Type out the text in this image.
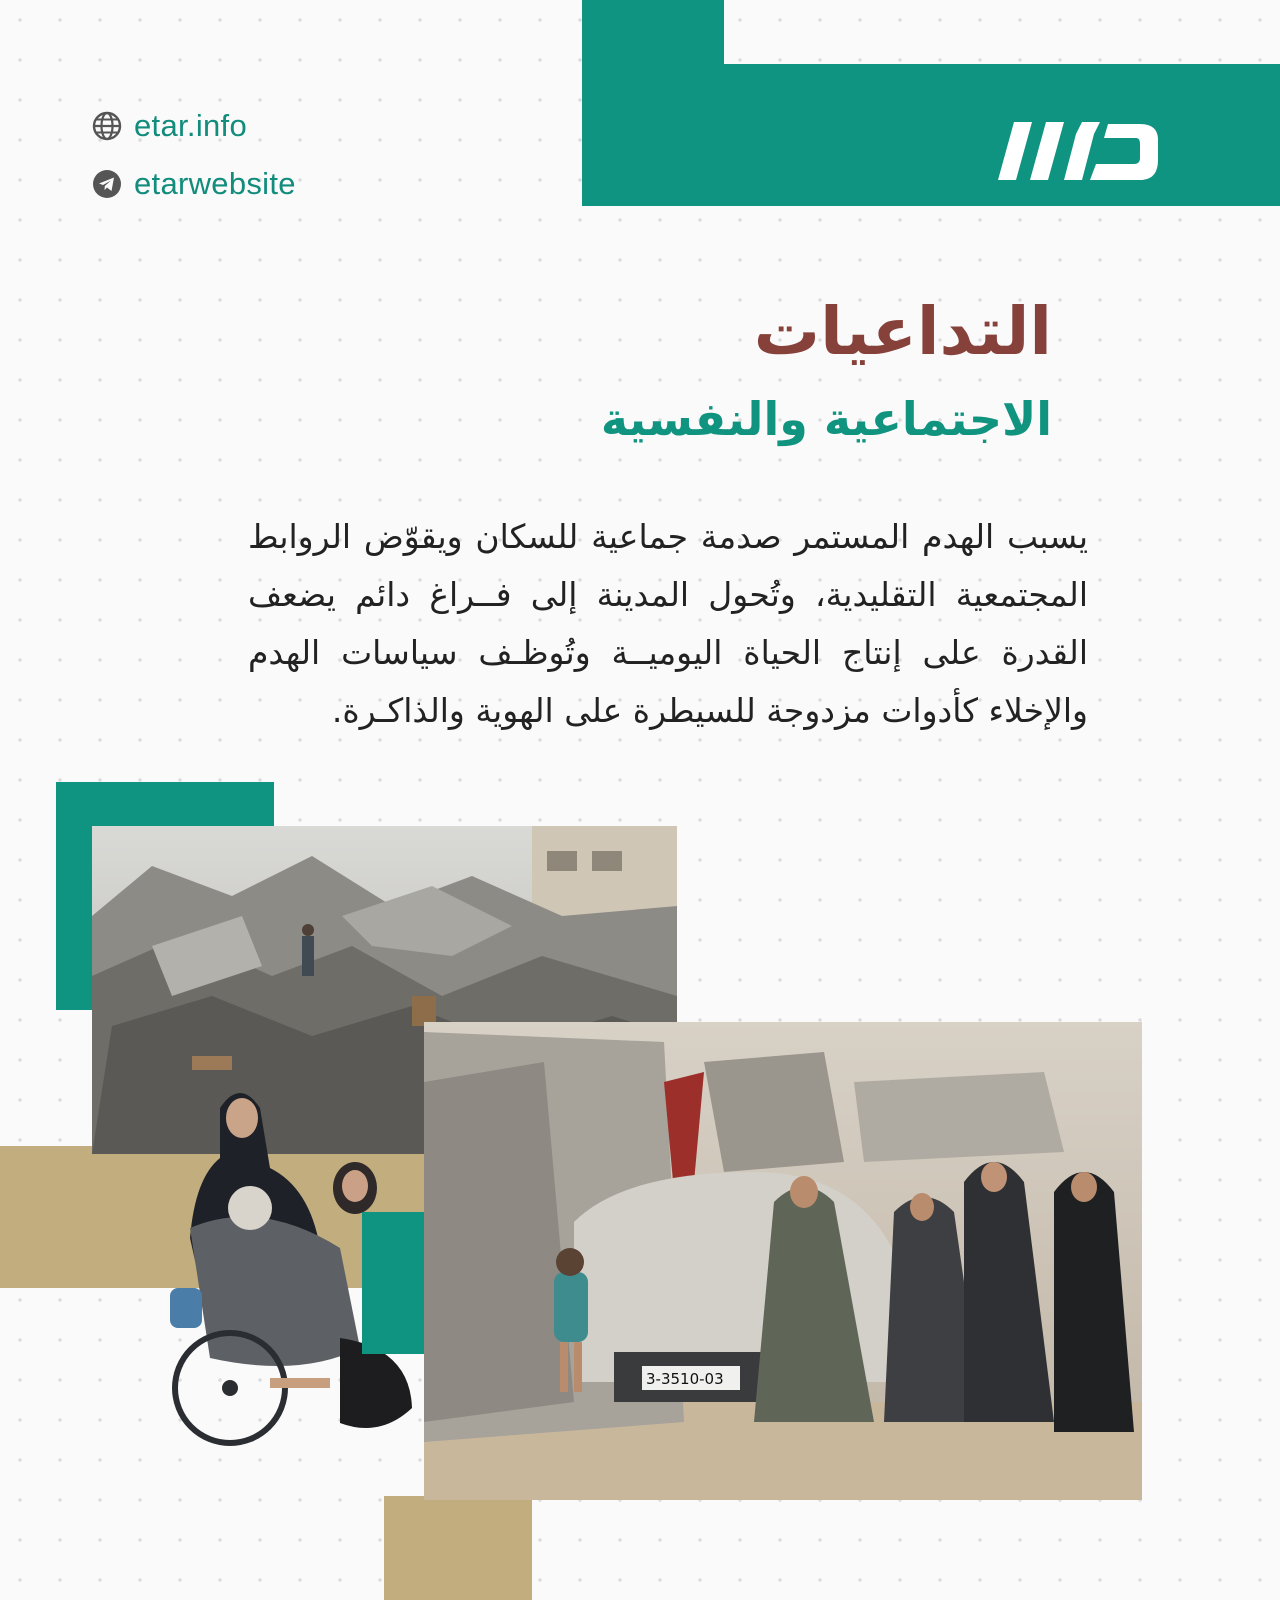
etar.info
etarwebsite
التداعيات
الاجتماعية والنفسية
يسبب الهدم المستمر صدمة جماعية للسكان ويقوّض الروابط المجتمعية التقليدية، وتُحول المدينة إلى فــراغ دائم يضعف القدرة على إنتاج الحياة اليوميــة وتُوظـف سياسات الهدم والإخلاء كأدوات مزدوجة للسيطرة على الهوية والذاكـرة.
3-3510-03
